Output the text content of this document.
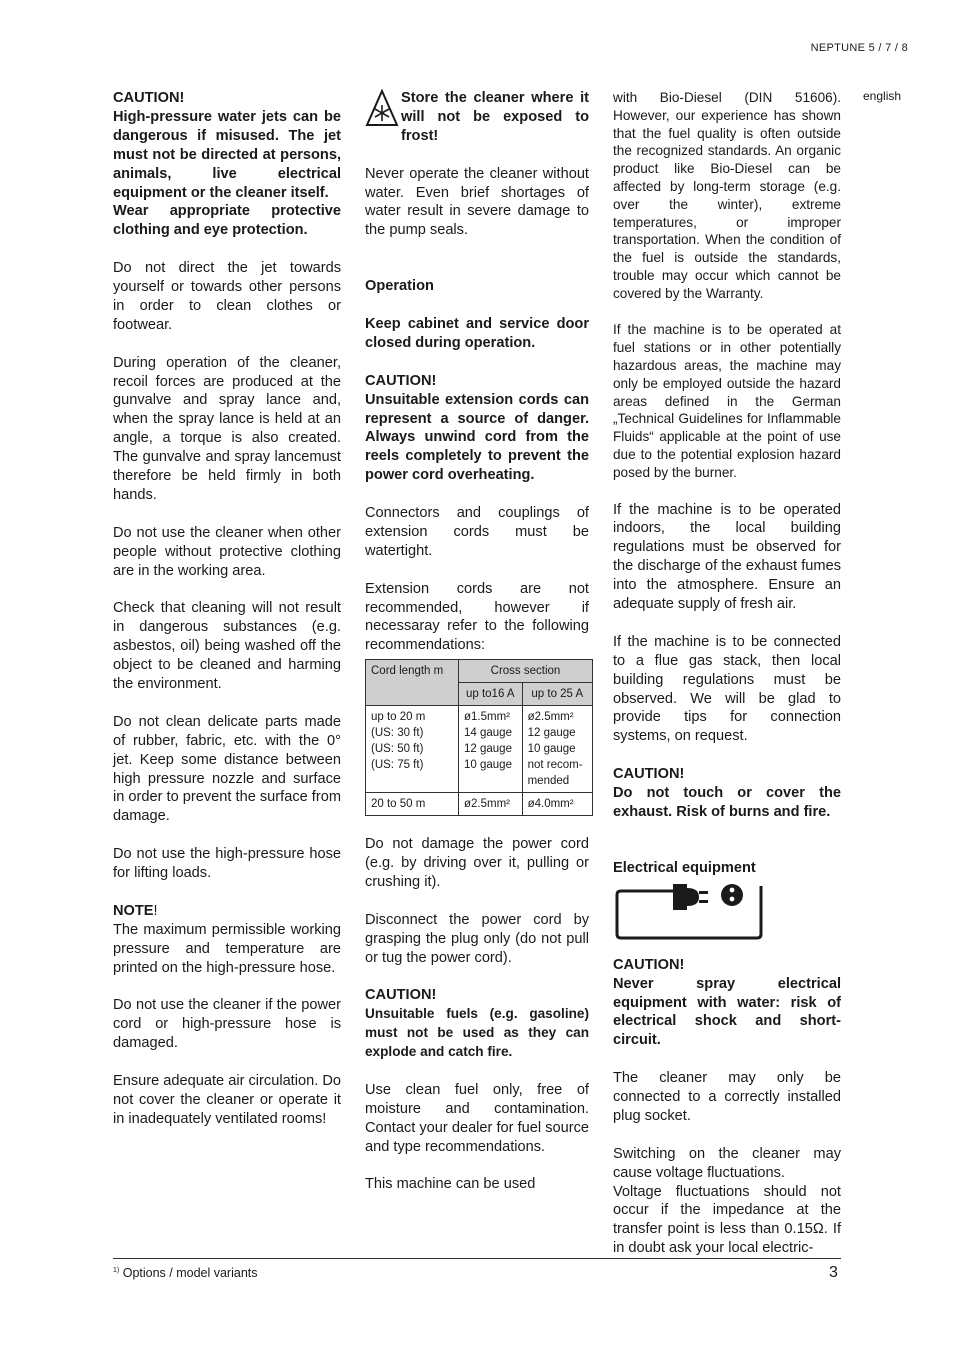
NEPTUNE 5 / 7 / 8
english

CAUTION!
High-pressure water jets can be dangerous if misused. The jet must not be directed at persons, animals, live electrical equipment or the cleaner itself.
Wear appropriate protective clothing and eye protection.

Do not direct the jet towards yourself or towards other persons in order to clean clothes or footwear.

During operation of the cleaner, recoil forces are produced at the gunvalve and spray lance and, when the spray lance is held at an angle, a torque is also created. The gunvalve and spray lancemust therefore be held firmly in both hands.

Do not use the cleaner when other people without protective clothing are in the working area.

Check that cleaning will not result in dangerous substances (e.g. asbestos, oil) being washed off the object to be cleaned and harming the environment.

Do not clean delicate parts made of rubber, fabric, etc. with the 0° jet. Keep some distance between high pressure nozzle and surface in order to prevent the surface from damage.

Do not use the high-pressure hose for lifting loads.

NOTE!
The maximum permissible working pressure and temperature are printed on the high-pressure hose.

Do not use the cleaner if the power cord or high-pressure hose is damaged.

Ensure adequate air circulation. Do not cover the cleaner or operate it in inadequately ventilated rooms!

Store the cleaner where it will not be exposed to frost!

Never operate the cleaner without water. Even brief shortages of water result in severe damage to the pump seals.

Operation

Keep cabinet and service door closed during operation.

CAUTION!
Unsuitable extension cords can represent a source of danger. Always unwind cord from the reels completely to prevent the power cord overheating.

Connectors and couplings of extension cords must be watertight.

Extension cords are not recommended, however if necessaray refer to the following recommendations:

Cord length m	Cross section	
	up to16 A	up to 25 A
up to 20 m
(US: 30 ft)
(US: 50 ft)
(US: 75 ft)	ø1.5mm²
14 gauge
12 gauge
10 gauge	ø2.5mm²
12 gauge
10 gauge
not recom-
mended
20 to 50 m	ø2.5mm²	ø4.0mm²

Do not damage the power cord (e.g. by driving over it, pulling or crushing it).

Disconnect the power cord by grasping the plug only (do not pull or tug the power cord).

CAUTION!
Unsuitable fuels (e.g. gasoline) must not be used as they can explode and catch fire.

Use clean fuel only, free of moisture and contamination. Contact your dealer for fuel source and type recommendations.

This machine can be used

with Bio-Diesel (DIN 51606). However, our experience has shown that the fuel quality is often outside the recognized standards. An organic product like Bio-Diesel can be affected by long-term storage (e.g. over the winter), extreme temperatures, or improper transportation. When the condition of the fuel is outside the standards, trouble may occur which cannot be covered by the Warranty.

If the machine is to be operated at fuel stations or in other potentially hazardous areas, the machine may only be employed outside the hazard areas defined in the German „Technical Guidelines for Inflammable Fluids“ applicable at the point of use due to the potential explosion hazard posed by the burner.

If the machine is to be operated indoors, the local building regulations must be observed for the discharge of the exhaust fumes into the atmosphere. Ensure an adequate supply of fresh air.

If the machine is to be connected to a flue gas stack, then local building regulations must be observed. We will be glad to provide tips for connection systems, on request.

CAUTION!
Do not touch or cover the exhaust. Risk of burns and fire.

Electrical equipment

CAUTION!
Never spray electrical equipment with water: risk of electrical shock and short-circuit.

The cleaner may only be connected to a correctly installed plug socket.

Switching on the cleaner may cause voltage fluctuations.

Voltage fluctuations should not occur if the impedance at the transfer point is less than 0.15Ω. If in doubt ask your local electric-

$^{1)}$ Options / model variants	3
